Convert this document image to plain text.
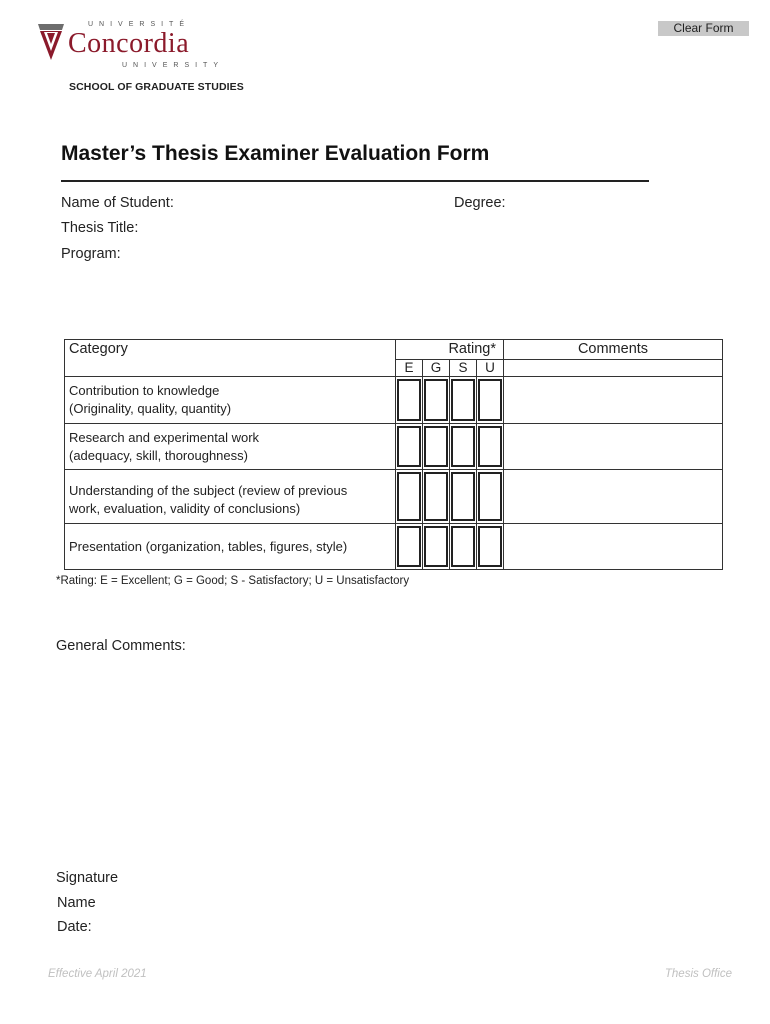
UNIVERSITÉ
Concordia
UNIVERSITY
SCHOOL OF GRADUATE STUDIES
Clear Form
Master’s Thesis Examiner Evaluation Form
Name of Student:	Degree:
Thesis Title:
Program:
Category	Rating*				Comments
	E	G	S	U	

Contribution to knowledge
(Originality, quality, quantity)					

Research and experimental work
(adequacy, skill, thoroughness)					

Understanding of the subject (review of previous
work, evaluation, validity of conclusions)					

Presentation (organization, tables, figures, style)					

*Rating: E = Excellent; G = Good; S - Satisfactory; U = Unsatisfactory
General Comments:
Signature
Name
Date:
Effective April 2021	Thesis Office
